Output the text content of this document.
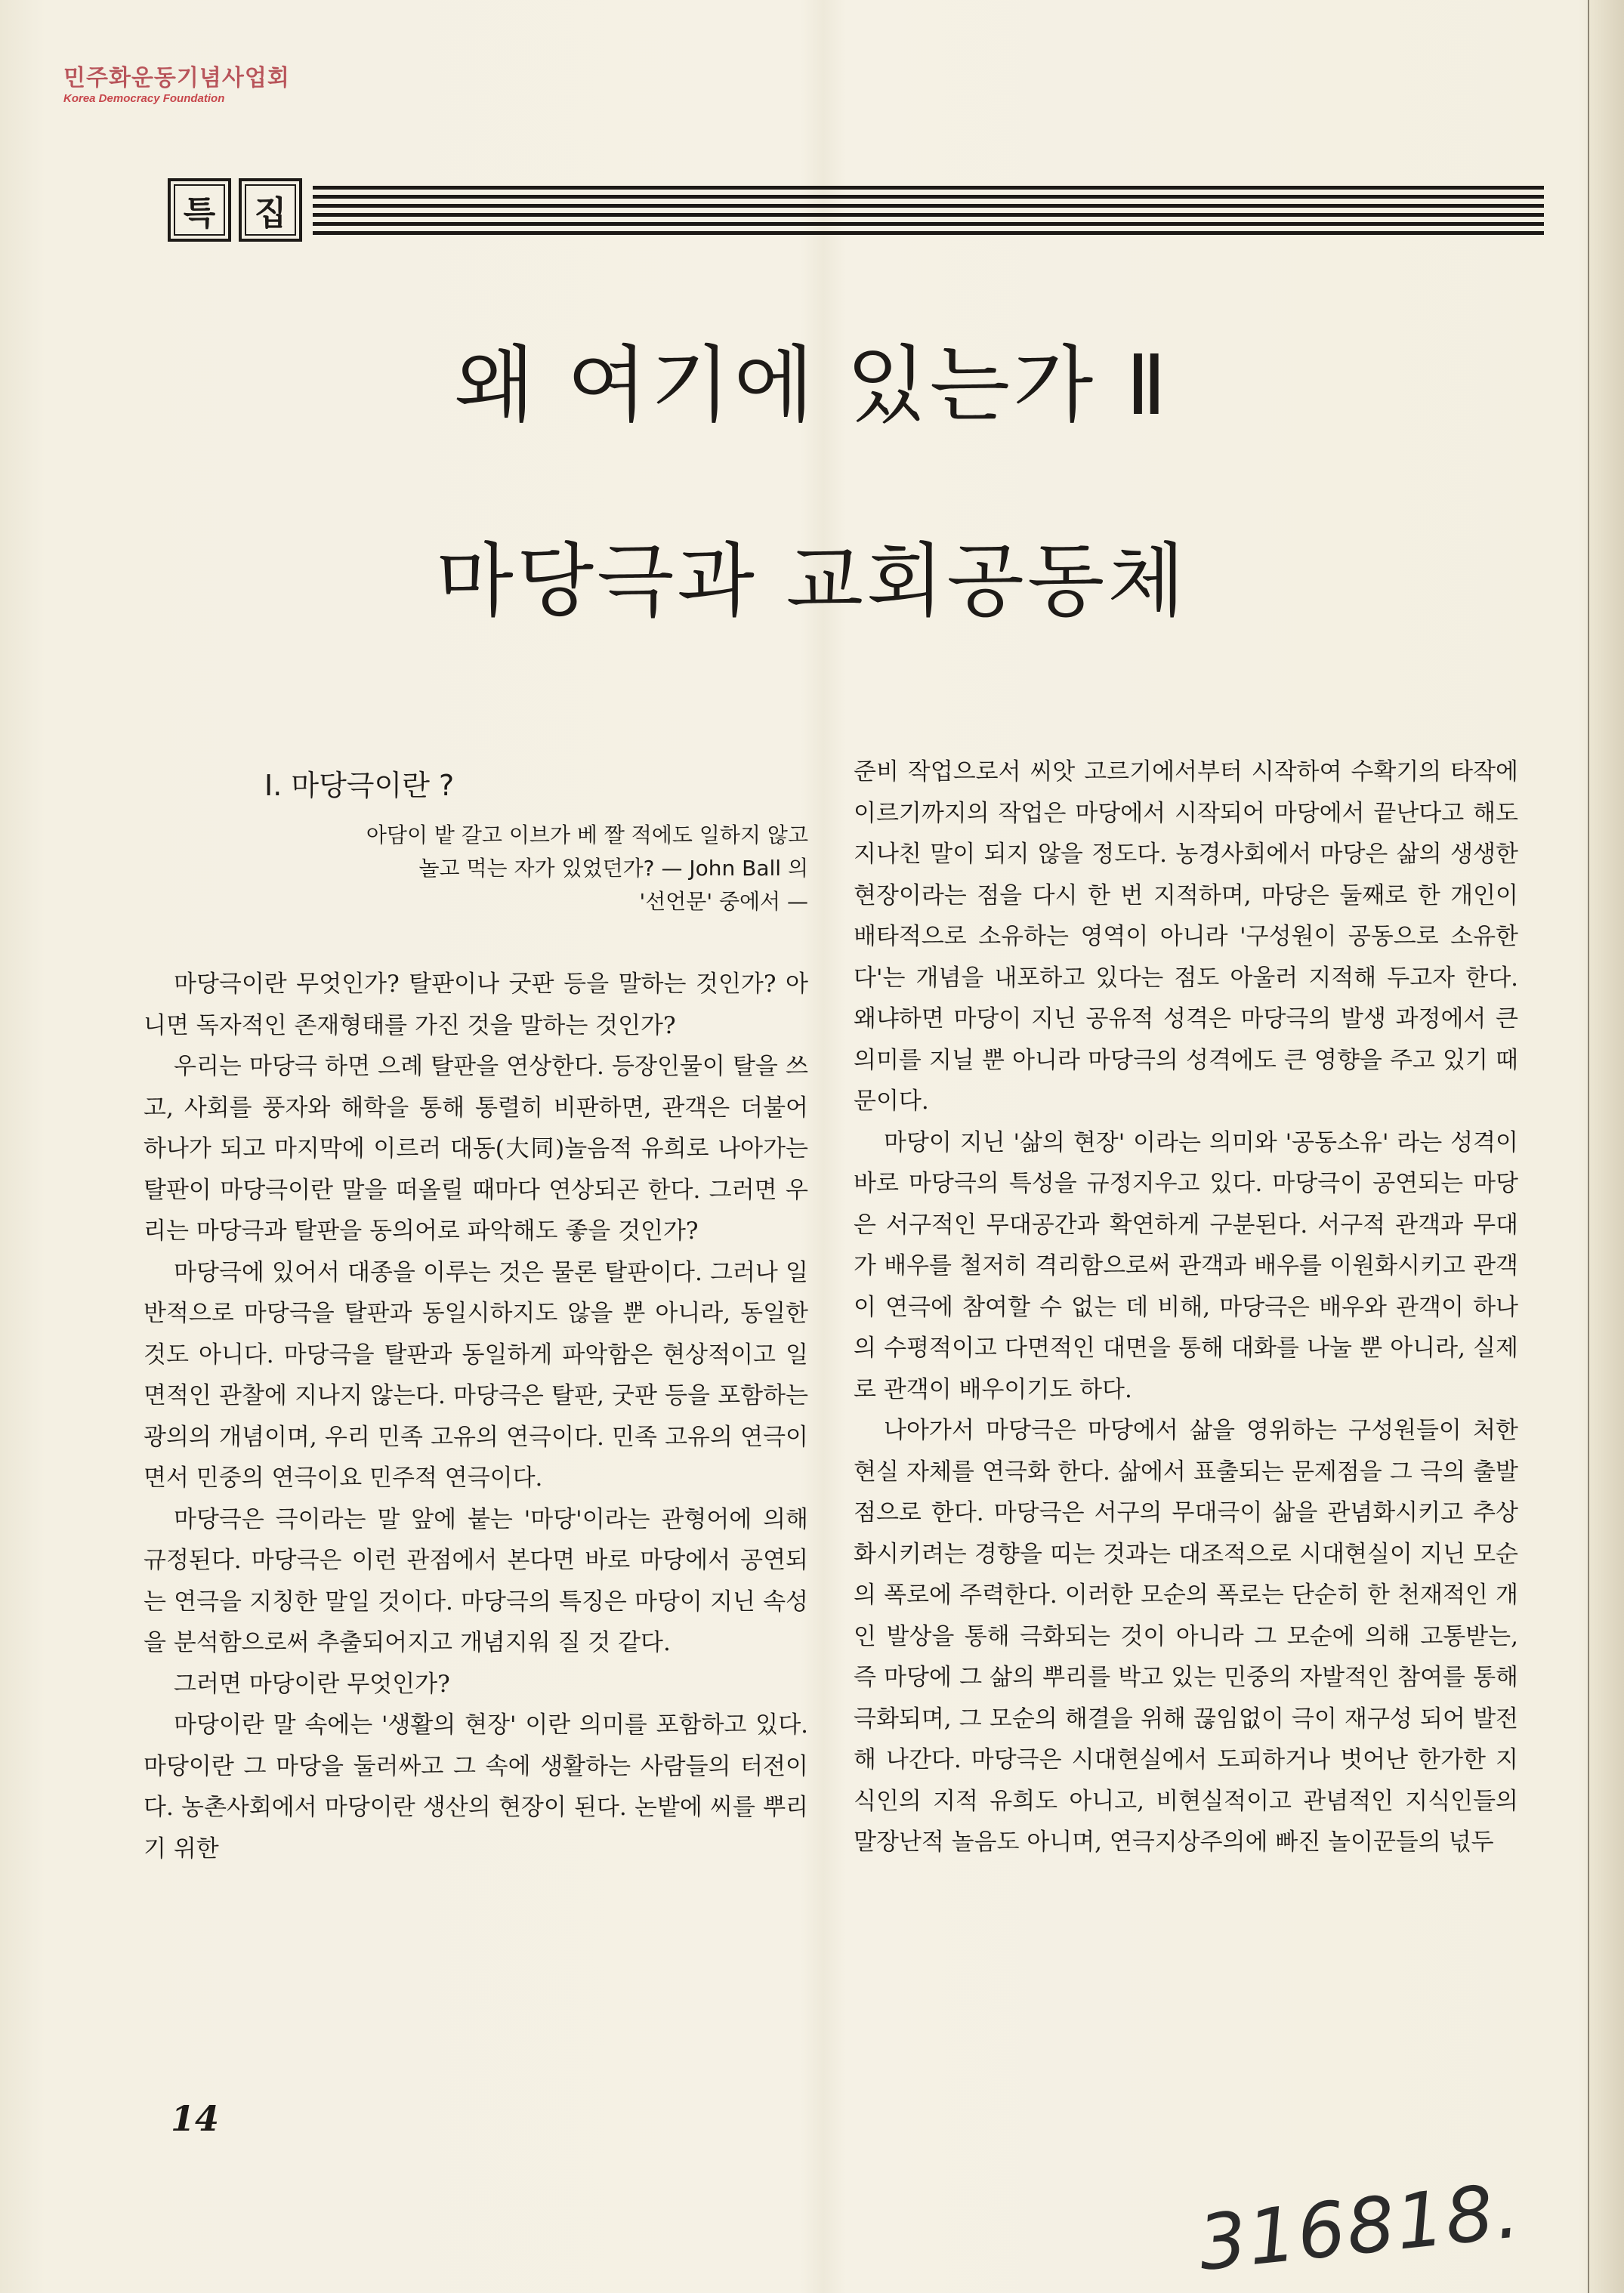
민주화운동기념사업회
Korea Democracy Foundation
특	집
왜 여기에 있는가 Ⅱ
마당극과 교회공동체
Ⅰ. 마당극이란 ?

아담이 밭 갈고 이브가 베 짤 적에도 일하지 않고

놀고 먹는 자가 있었던가? — John Ball 의

'선언문' 중에서 —

마당극이란 무엇인가? 탈판이나 굿판 등을 말하는 것인가? 아니면 독자적인 존재형태를 가진 것을 말하는 것인가?

우리는 마당극 하면 으례 탈판을 연상한다. 등장인물이 탈을 쓰고, 사회를 풍자와 해학을 통해 통렬히 비판하면, 관객은 더불어 하나가 되고 마지막에 이르러 대동(大同)놀음적 유희로 나아가는 탈판이 마당극이란 말을 떠올릴 때마다 연상되곤 한다. 그러면 우리는 마당극과 탈판을 동의어로 파악해도 좋을 것인가?

마당극에 있어서 대종을 이루는 것은 물론 탈판이다. 그러나 일반적으로 마당극을 탈판과 동일시하지도 않을 뿐 아니라, 동일한 것도 아니다. 마당극을 탈판과 동일하게 파악함은 현상적이고 일면적인 관찰에 지나지 않는다. 마당극은 탈판, 굿판 등을 포함하는 광의의 개념이며, 우리 민족 고유의 연극이다. 민족 고유의 연극이면서 민중의 연극이요 민주적 연극이다.

마당극은 극이라는 말 앞에 붙는 '마당'이라는 관형어에 의해 규정된다. 마당극은 이런 관점에서 본다면 바로 마당에서 공연되는 연극을 지칭한 말일 것이다. 마당극의 특징은 마당이 지닌 속성을 분석함으로써 추출되어지고 개념지워 질 것 같다.

그러면 마당이란 무엇인가?

마당이란 말 속에는 '생활의 현장' 이란 의미를 포함하고 있다. 마당이란 그 마당을 둘러싸고 그 속에 생활하는 사람들의 터전이다. 농촌사회에서 마당이란 생산의 현장이 된다. 논밭에 씨를 뿌리기 위한

준비 작업으로서 씨앗 고르기에서부터 시작하여 수확기의 타작에 이르기까지의 작업은 마당에서 시작되어 마당에서 끝난다고 해도 지나친 말이 되지 않을 정도다. 농경사회에서 마당은 삶의 생생한 현장이라는 점을 다시 한 번 지적하며, 마당은 둘째로 한 개인이 배타적으로 소유하는 영역이 아니라 '구성원이 공동으로 소유한다'는 개념을 내포하고 있다는 점도 아울러 지적해 두고자 한다. 왜냐하면 마당이 지닌 공유적 성격은 마당극의 발생 과정에서 큰 의미를 지닐 뿐 아니라 마당극의 성격에도 큰 영향을 주고 있기 때문이다.

마당이 지닌 '삶의 현장' 이라는 의미와 '공동소유' 라는 성격이 바로 마당극의 특성을 규정지우고 있다. 마당극이 공연되는 마당은 서구적인 무대공간과 확연하게 구분된다. 서구적 관객과 무대가 배우를 철저히 격리함으로써 관객과 배우를 이원화시키고 관객이 연극에 참여할 수 없는 데 비해, 마당극은 배우와 관객이 하나의 수평적이고 다면적인 대면을 통해 대화를 나눌 뿐 아니라, 실제로 관객이 배우이기도 하다.

나아가서 마당극은 마당에서 삶을 영위하는 구성원들이 처한 현실 자체를 연극화 한다. 삶에서 표출되는 문제점을 그 극의 출발점으로 한다. 마당극은 서구의 무대극이 삶을 관념화시키고 추상화시키려는 경향을 띠는 것과는 대조적으로 시대현실이 지닌 모순의 폭로에 주력한다. 이러한 모순의 폭로는 단순히 한 천재적인 개인 발상을 통해 극화되는 것이 아니라 그 모순에 의해 고통받는, 즉 마당에 그 삶의 뿌리를 박고 있는 민중의 자발적인 참여를 통해 극화되며, 그 모순의 해결을 위해 끊임없이 극이 재구성 되어 발전해 나간다. 마당극은 시대현실에서 도피하거나 벗어난 한가한 지식인의 지적 유희도 아니고, 비현실적이고 관념적인 지식인들의 말장난적 놀음도 아니며, 연극지상주의에 빠진 놀이꾼들의 넋두

14
316818.
